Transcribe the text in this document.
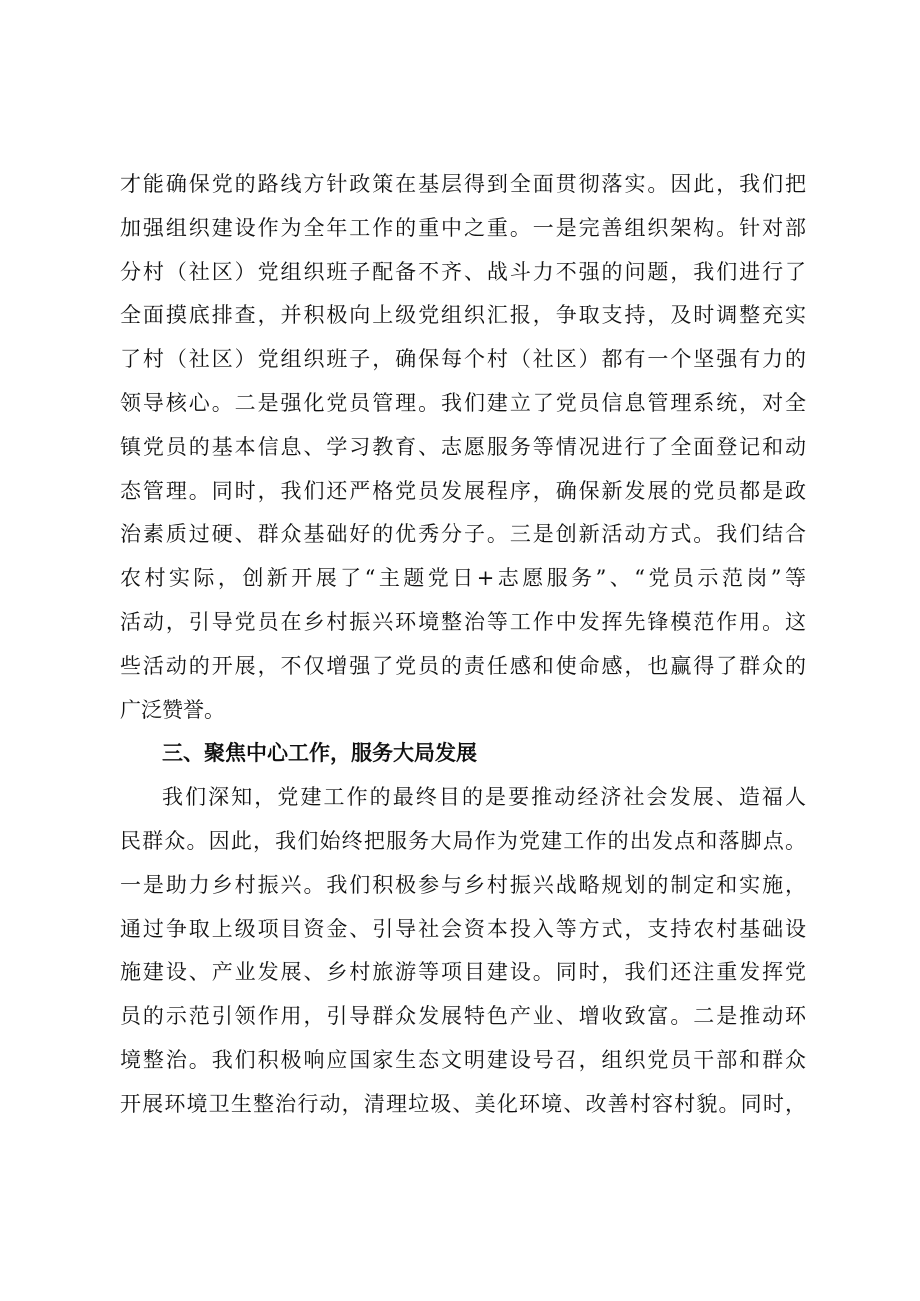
才能确保党的路线方针政策在基层得到全面贯彻落实。因此，我们把
加强组织建设作为全年工作的重中之重。一是完善组织架构。针对部
分村（社区）党组织班子配备不齐、战斗力不强的问题，我们进行了
全面摸底排查，并积极向上级党组织汇报，争取支持，及时调整充实
了村（社区）党组织班子，确保每个村（社区）都有一个坚强有力的
领导核心。二是强化党员管理。我们建立了党员信息管理系统，对全
镇党员的基本信息、学习教育、志愿服务等情况进行了全面登记和动
态管理。同时，我们还严格党员发展程序，确保新发展的党员都是政
治素质过硬、群众基础好的优秀分子。三是创新活动方式。我们结合
农村实际，创新开展了“主题党日+志愿服务”、“党员示范岗”等
活动，引导党员在乡村振兴环境整治等工作中发挥先锋模范作用。这
些活动的开展，不仅增强了党员的责任感和使命感，也赢得了群众的
广泛赞誉。
三、聚焦中心工作，服务大局发展
我们深知，党建工作的最终目的是要推动经济社会发展、造福人
民群众。因此，我们始终把服务大局作为党建工作的出发点和落脚点。
一是助力乡村振兴。我们积极参与乡村振兴战略规划的制定和实施，
通过争取上级项目资金、引导社会资本投入等方式，支持农村基础设
施建设、产业发展、乡村旅游等项目建设。同时，我们还注重发挥党
员的示范引领作用，引导群众发展特色产业、增收致富。二是推动环
境整治。我们积极响应国家生态文明建设号召，组织党员干部和群众
开展环境卫生整治行动，清理垃圾、美化环境、改善村容村貌。同时，
